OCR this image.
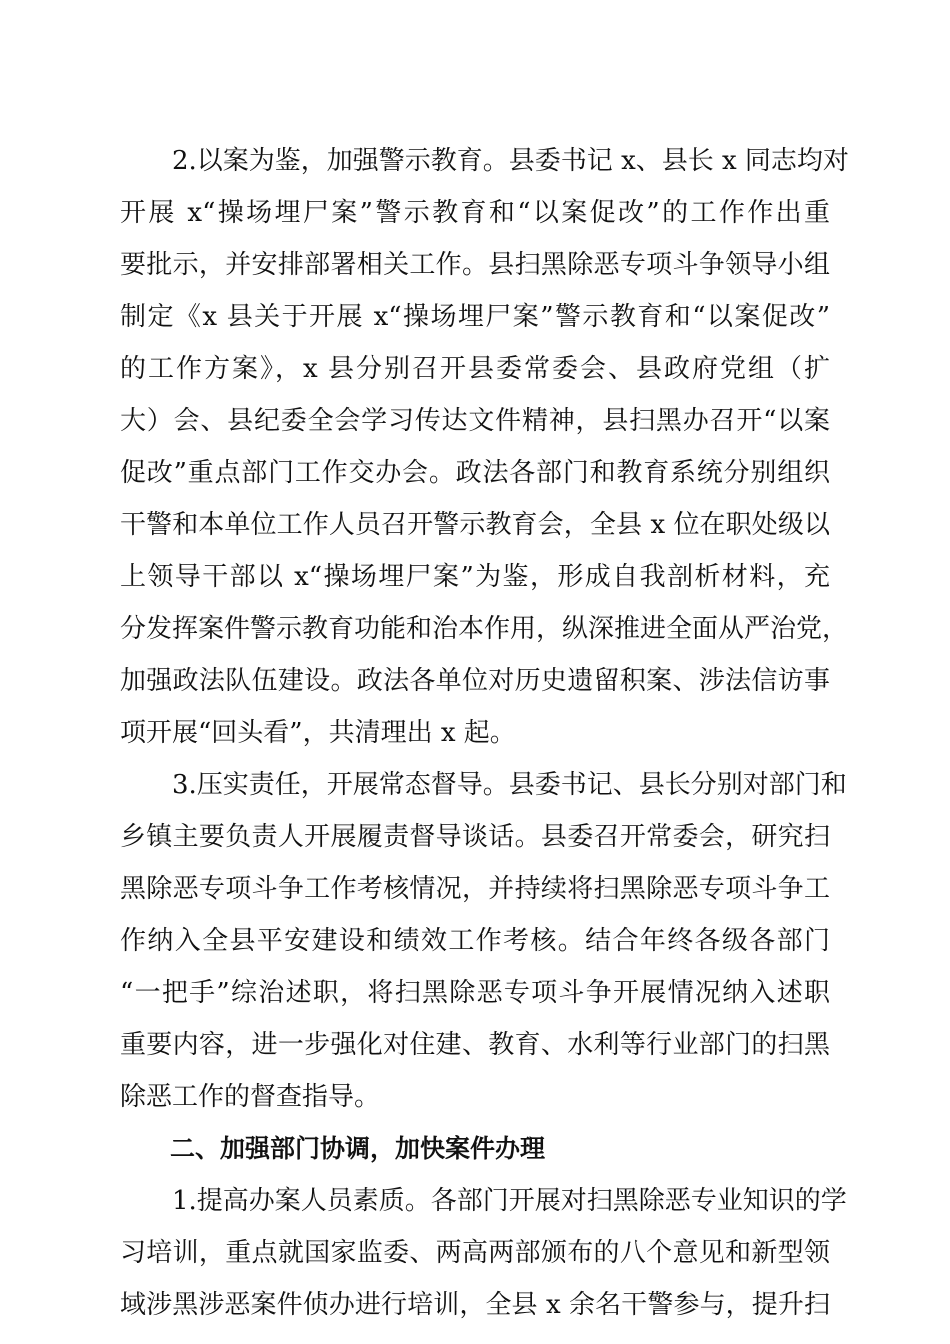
　　2.以案为鉴，加强警示教育。县委书记 x、县长 x 同志均对
开展 x“操场埋尸案”警示教育和“以案促改”的工作作出重
要批示，并安排部署相关工作。县扫黑除恶专项斗争领导小组
制定《x 县关于开展 x“操场埋尸案”警示教育和“以案促改”
的工作方案》，x 县分别召开县委常委会、县政府党组（扩
大）会、县纪委全会学习传达文件精神，县扫黑办召开“以案
促改”重点部门工作交办会。政法各部门和教育系统分别组织
干警和本单位工作人员召开警示教育会，全县 x 位在职处级以
上领导干部以 x“操场埋尸案”为鉴，形成自我剖析材料，充
分发挥案件警示教育功能和治本作用，纵深推进全面从严治党，
加强政法队伍建设。政法各单位对历史遗留积案、涉法信访事
项开展“回头看”，共清理出 x 起。
　　3.压实责任，开展常态督导。县委书记、县长分别对部门和
乡镇主要负责人开展履责督导谈话。县委召开常委会，研究扫
黑除恶专项斗争工作考核情况，并持续将扫黑除恶专项斗争工
作纳入全县平安建设和绩效工作考核。结合年终各级各部门
“一把手”综治述职，将扫黑除恶专项斗争开展情况纳入述职
重要内容，进一步强化对住建、教育、水利等行业部门的扫黑
除恶工作的督查指导。
　　二、加强部门协调，加快案件办理
　　1.提高办案人员素质。各部门开展对扫黑除恶专业知识的学
习培训，重点就国家监委、两高两部颁布的八个意见和新型领
域涉黑涉恶案件侦办进行培训，全县 x 余名干警参与，提升扫
